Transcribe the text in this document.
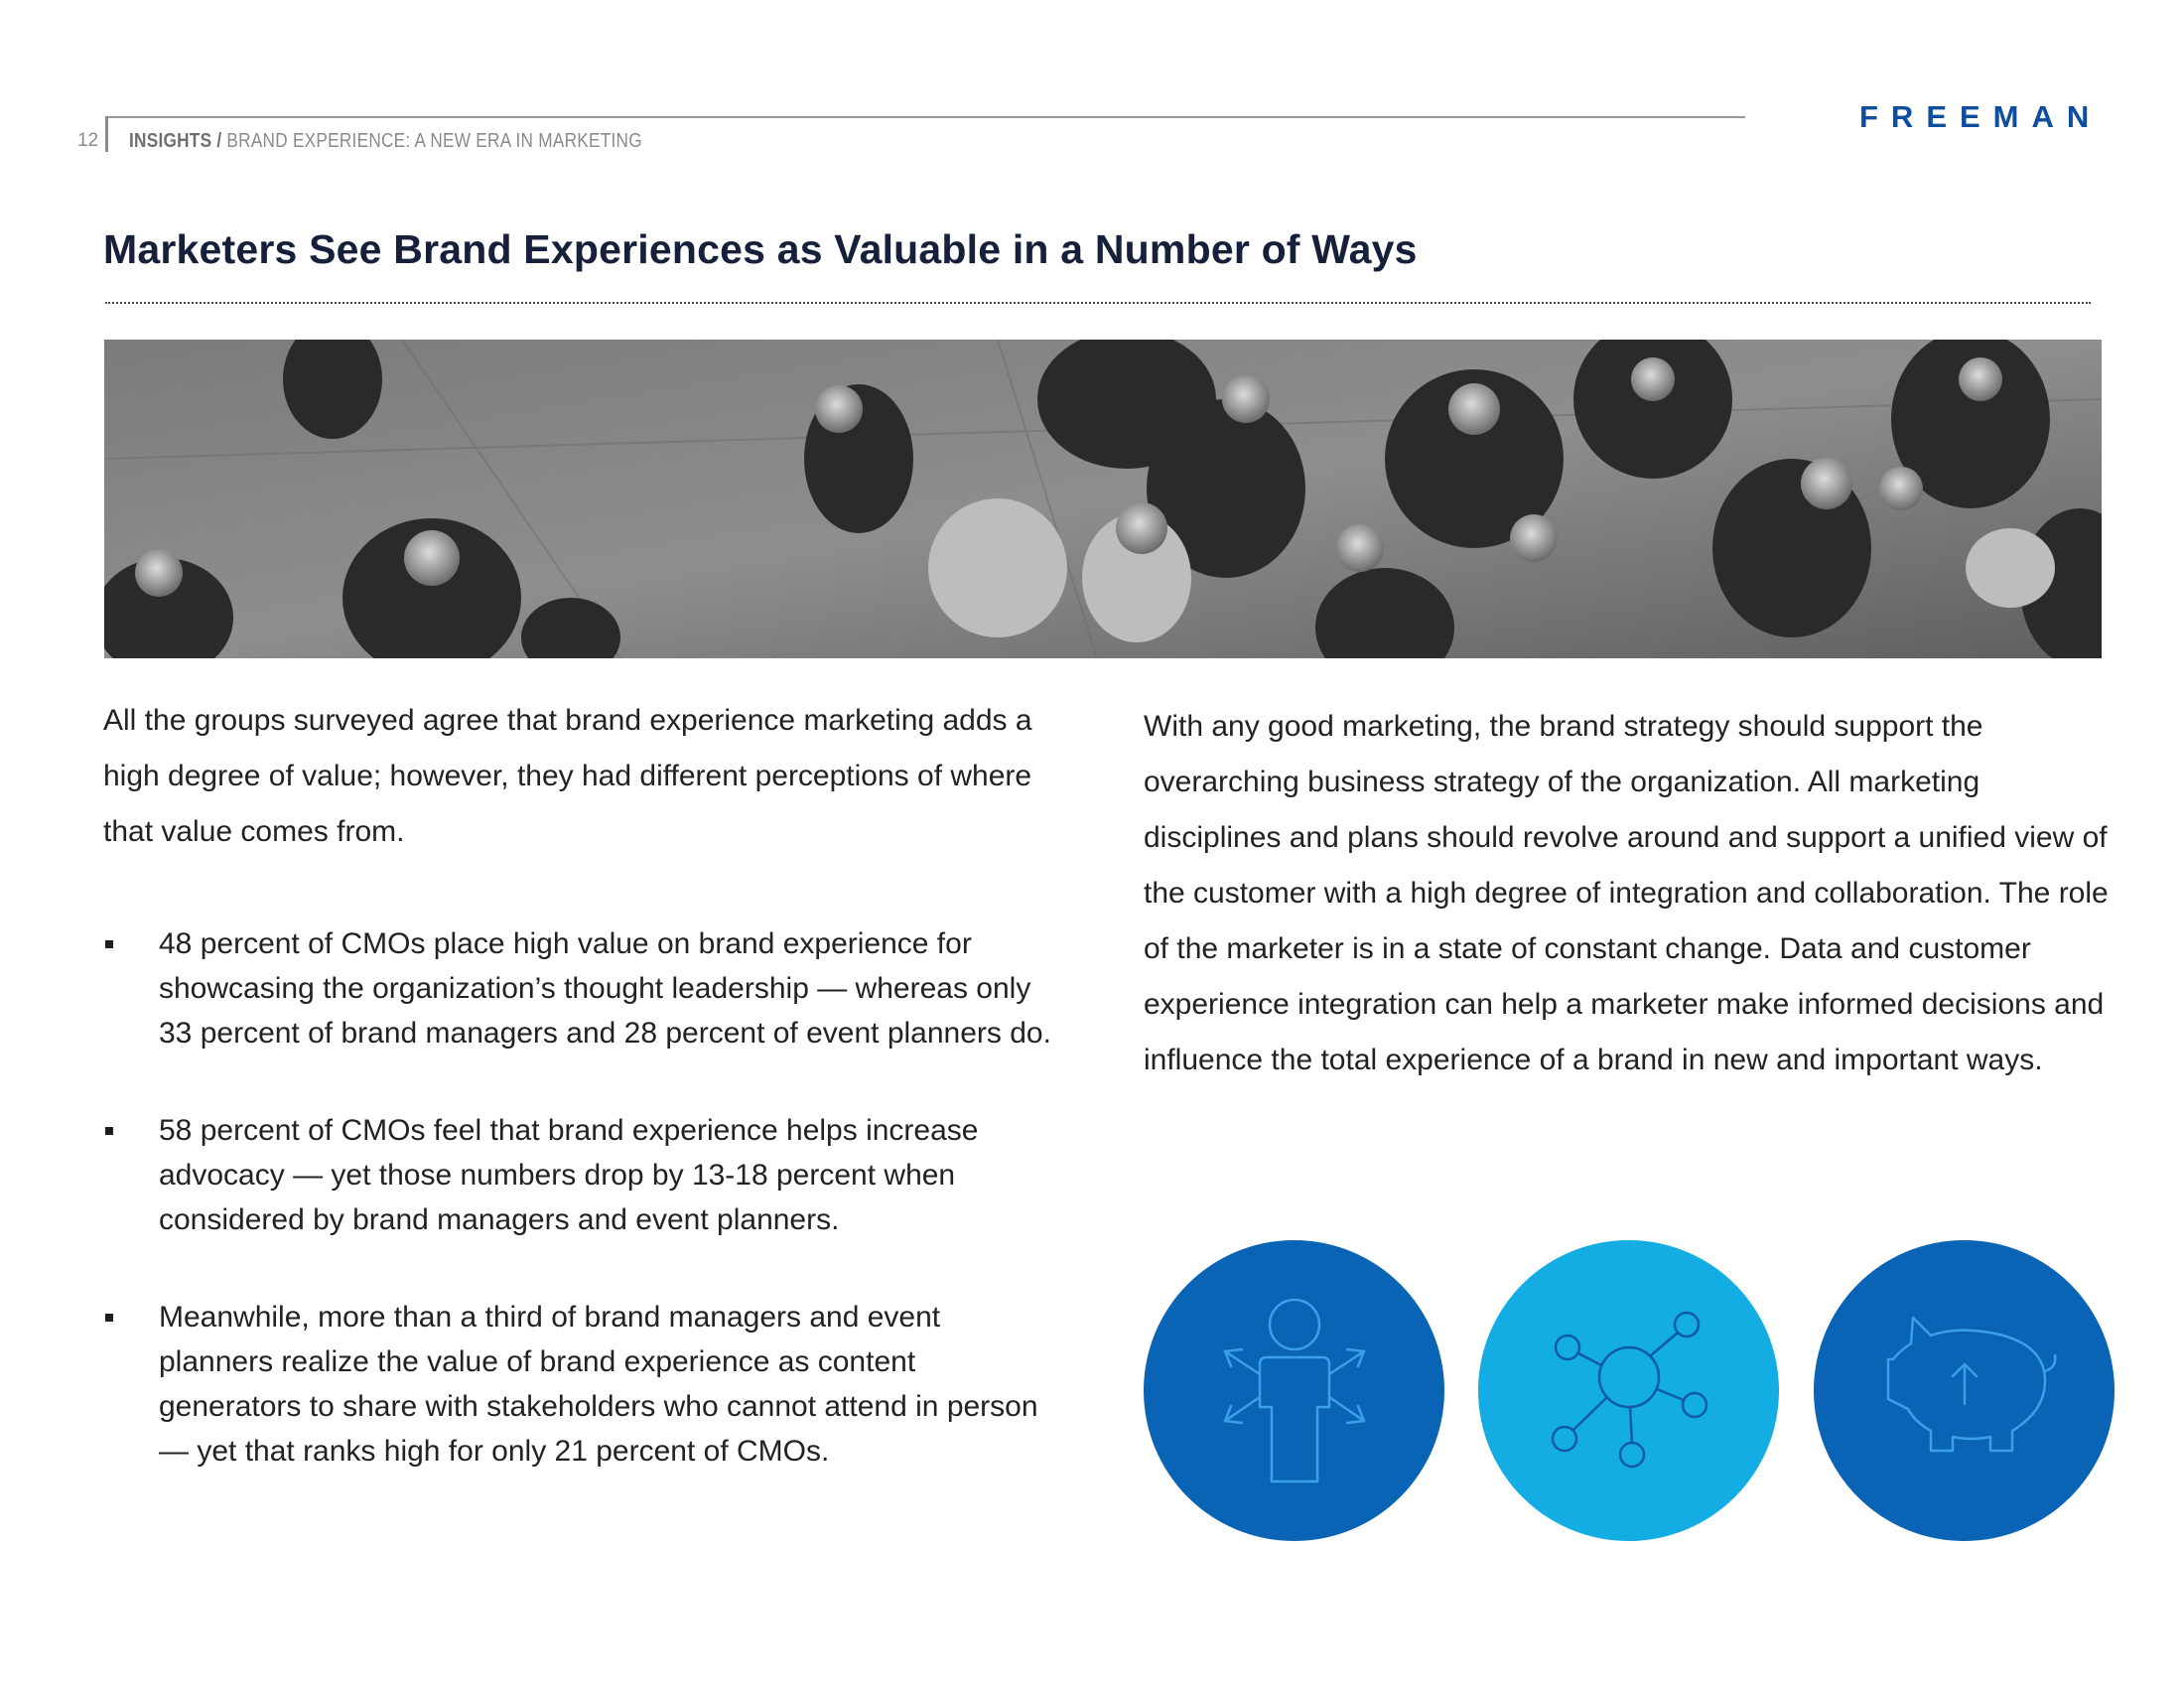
12 INSIGHTS / BRAND EXPERIENCE: A NEW ERA IN MARKETING
FREEMAN
Marketers See Brand Experiences as Valuable in a Number of Ways

All the groups surveyed agree that brand experience marketing adds a high degree of value; however, they had different perceptions of where that value comes from.

48 percent of CMOs place high value on brand experience for showcasing the organization’s thought leadership — whereas only 33 percent of brand managers and 28 percent of event planners do.
58 percent of CMOs feel that brand experience helps increase advocacy — yet those numbers drop by 13-18 percent when considered by brand managers and event planners.
Meanwhile, more than a third of brand managers and event planners realize the value of brand experience as content generators to share with stakeholders who cannot attend in person — yet that ranks high for only 21 percent of CMOs.

With any good marketing, the brand strategy should support the overarching business strategy of the organization. All marketing disciplines and plans should revolve around and support a unified view of the customer with a high degree of integration and collaboration. The role of the marketer is in a state of constant change. Data and customer experience integration can help a marketer make informed decisions and influence the total experience of a brand in new and important ways.
